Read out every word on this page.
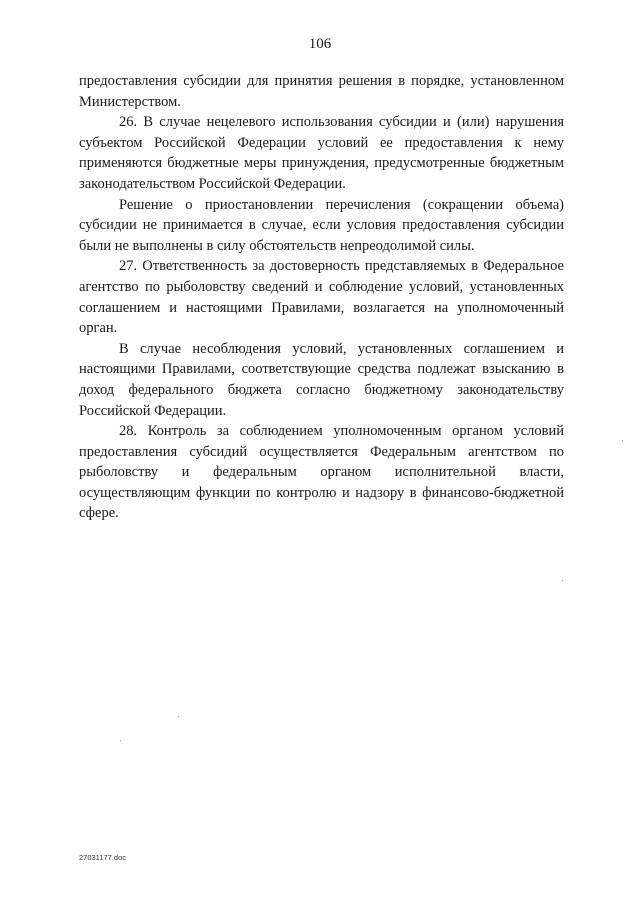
106

предоставления субсидии для принятия решения в порядке, установленном Министерством.

26. В случае нецелевого использования субсидии и (или) нарушения субъектом Российской Федерации условий ее предоставления к нему применяются бюджетные меры принуждения, предусмотренные бюджетным законодательством Российской Федерации.

Решение о приостановлении перечисления (сокращении объема) субсидии не принимается в случае, если условия предоставления субсидии были не выполнены в силу обстоятельств непреодолимой силы.

27. Ответственность за достоверность представляемых в Федеральное агентство по рыболовству сведений и соблюдение условий, установленных соглашением и настоящими Правилами, возлагается на уполномоченный орган.

В случае несоблюдения условий, установленных соглашением и настоящими Правилами, соответствующие средства подлежат взысканию в доход федерального бюджета согласно бюджетному законодательству Российской Федерации.

28. Контроль за соблюдением уполномоченным органом условий предоставления субсидий осуществляется Федеральным агентством по рыболовству и федеральным органом исполнительной власти, осуществляющим функции по контролю и надзору в финансово-бюджетной сфере.

27031177.doc
